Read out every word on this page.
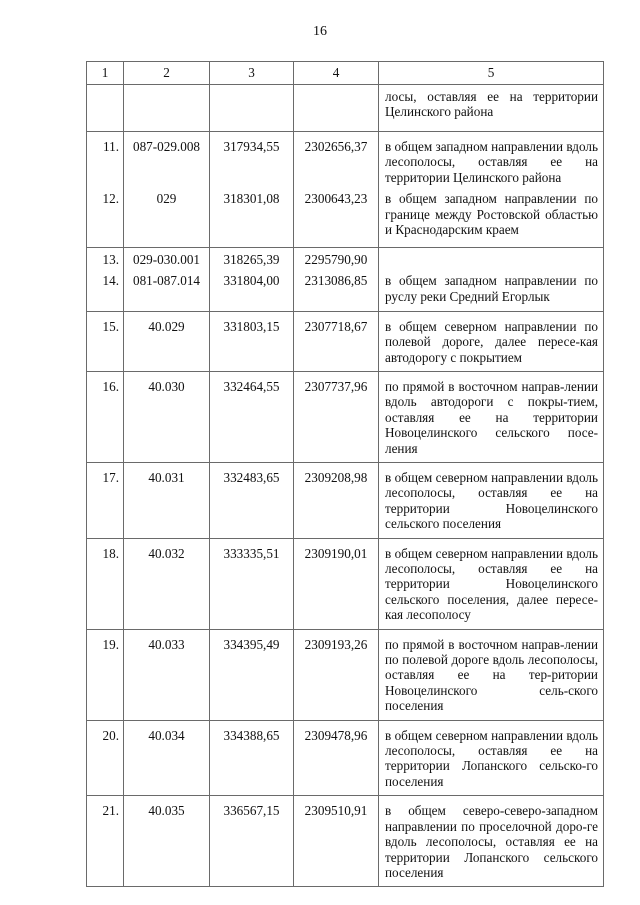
16
1	2	3	4	5
				лосы, оставляя ее на территории Целинского района
11.	087-029.008	317934,55	2302656,37	в общем западном направлении вдоль лесополосы, оставляя ее на территории Целинского района
12.	029	318301,08	2300643,23	в общем западном направлении по границе между Ростовской областью и Краснодарским краем
13.	029-030.001	318265,39	2295790,90	
14.	081-087.014	331804,00	2313086,85	в общем западном направлении по руслу реки Средний Егорлык
15.	40.029	331803,15	2307718,67	в общем северном направлении по полевой дороге, далее пересе-кая автодорогу с покрытием
16.	40.030	332464,55	2307737,96	по прямой в восточном направ-лении вдоль автодороги с покры-тием, оставляя ее на территории Новоцелинского сельского посе-ления
17.	40.031	332483,65	2309208,98	в общем северном направлении вдоль лесополосы, оставляя ее на территории Новоцелинского сельского поселения
18.	40.032	333335,51	2309190,01	в общем северном направлении вдоль лесополосы, оставляя ее на территории Новоцелинского сельского поселения, далее пересе-кая лесополосу
19.	40.033	334395,49	2309193,26	по прямой в восточном направ-лении по полевой дороге вдоль лесополосы, оставляя ее на тер-ритории Новоцелинского сель-ского поселения
20.	40.034	334388,65	2309478,96	в общем северном направлении вдоль лесополосы, оставляя ее на территории Лопанского сельско-го поселения
21.	40.035	336567,15	2309510,91	в общем северо-северо-западном направлении по проселочной доро-ге вдоль лесополосы, оставляя ее на территории Лопанского сельского поселения
